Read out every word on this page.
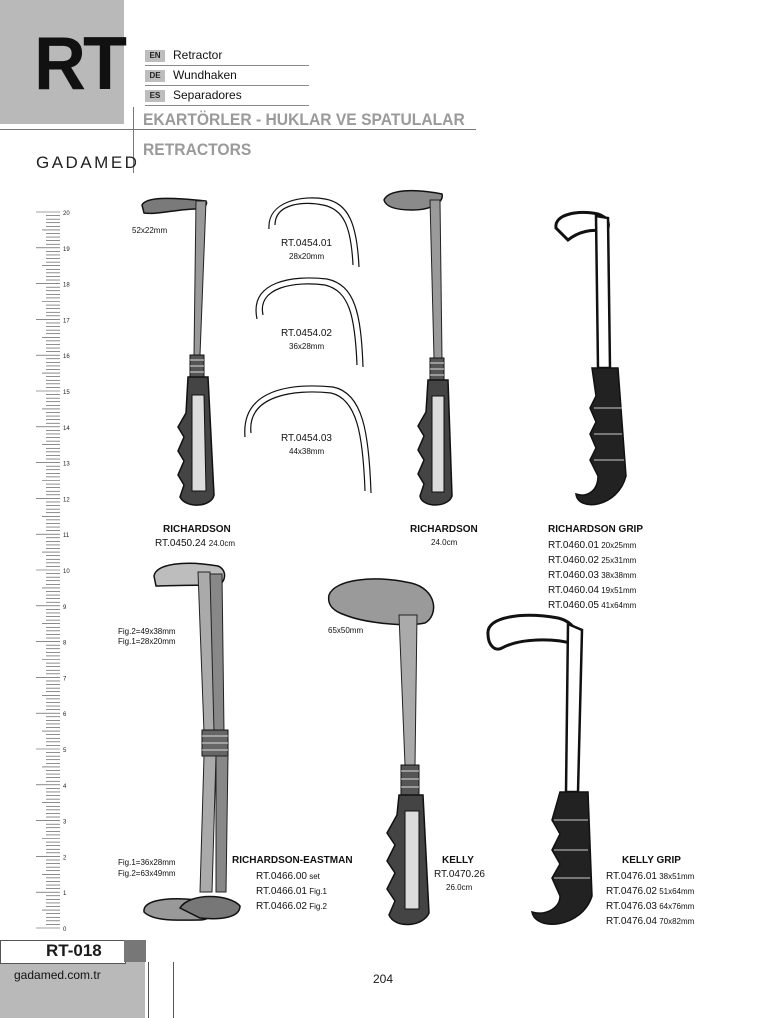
RT	EN	Retractor
DE	Wundhaken
ES	Separadores
EKARTÖRLER - HUKLAR VE SPATULALAR
RETRACTORS
GADAMED
20
19
18
17
16
15
14
13
12
11
10
9
8
7
6
5
4
3
2
1
0
52x22mm
RICHARDSON
RT.0450.24 24.0cm
RT.0454.01
28x20mm
RT.0454.02
36x28mm
RT.0454.03
44x38mm
RICHARDSON
24.0cm
RICHARDSON GRIP
RT.0460.01 20x25mm
RT.0460.02 25x31mm
RT.0460.03 38x38mm
RT.0460.04 19x51mm
RT.0460.05 41x64mm
Fig.2=49x38mm
Fig.1=28x20mm
Fig.1=36x28mm
Fig.2=63x49mm
RICHARDSON-EASTMAN
RT.0466.00 set
RT.0466.01 Fig.1
RT.0466.02 Fig.2
65x50mm
KELLY
RT.0470.26
26.0cm
KELLY GRIP
RT.0476.01 38x51mm
RT.0476.02 51x64mm
RT.0476.03 64x76mm
RT.0476.04 70x82mm
RT-018
gadamed.com.tr	204
